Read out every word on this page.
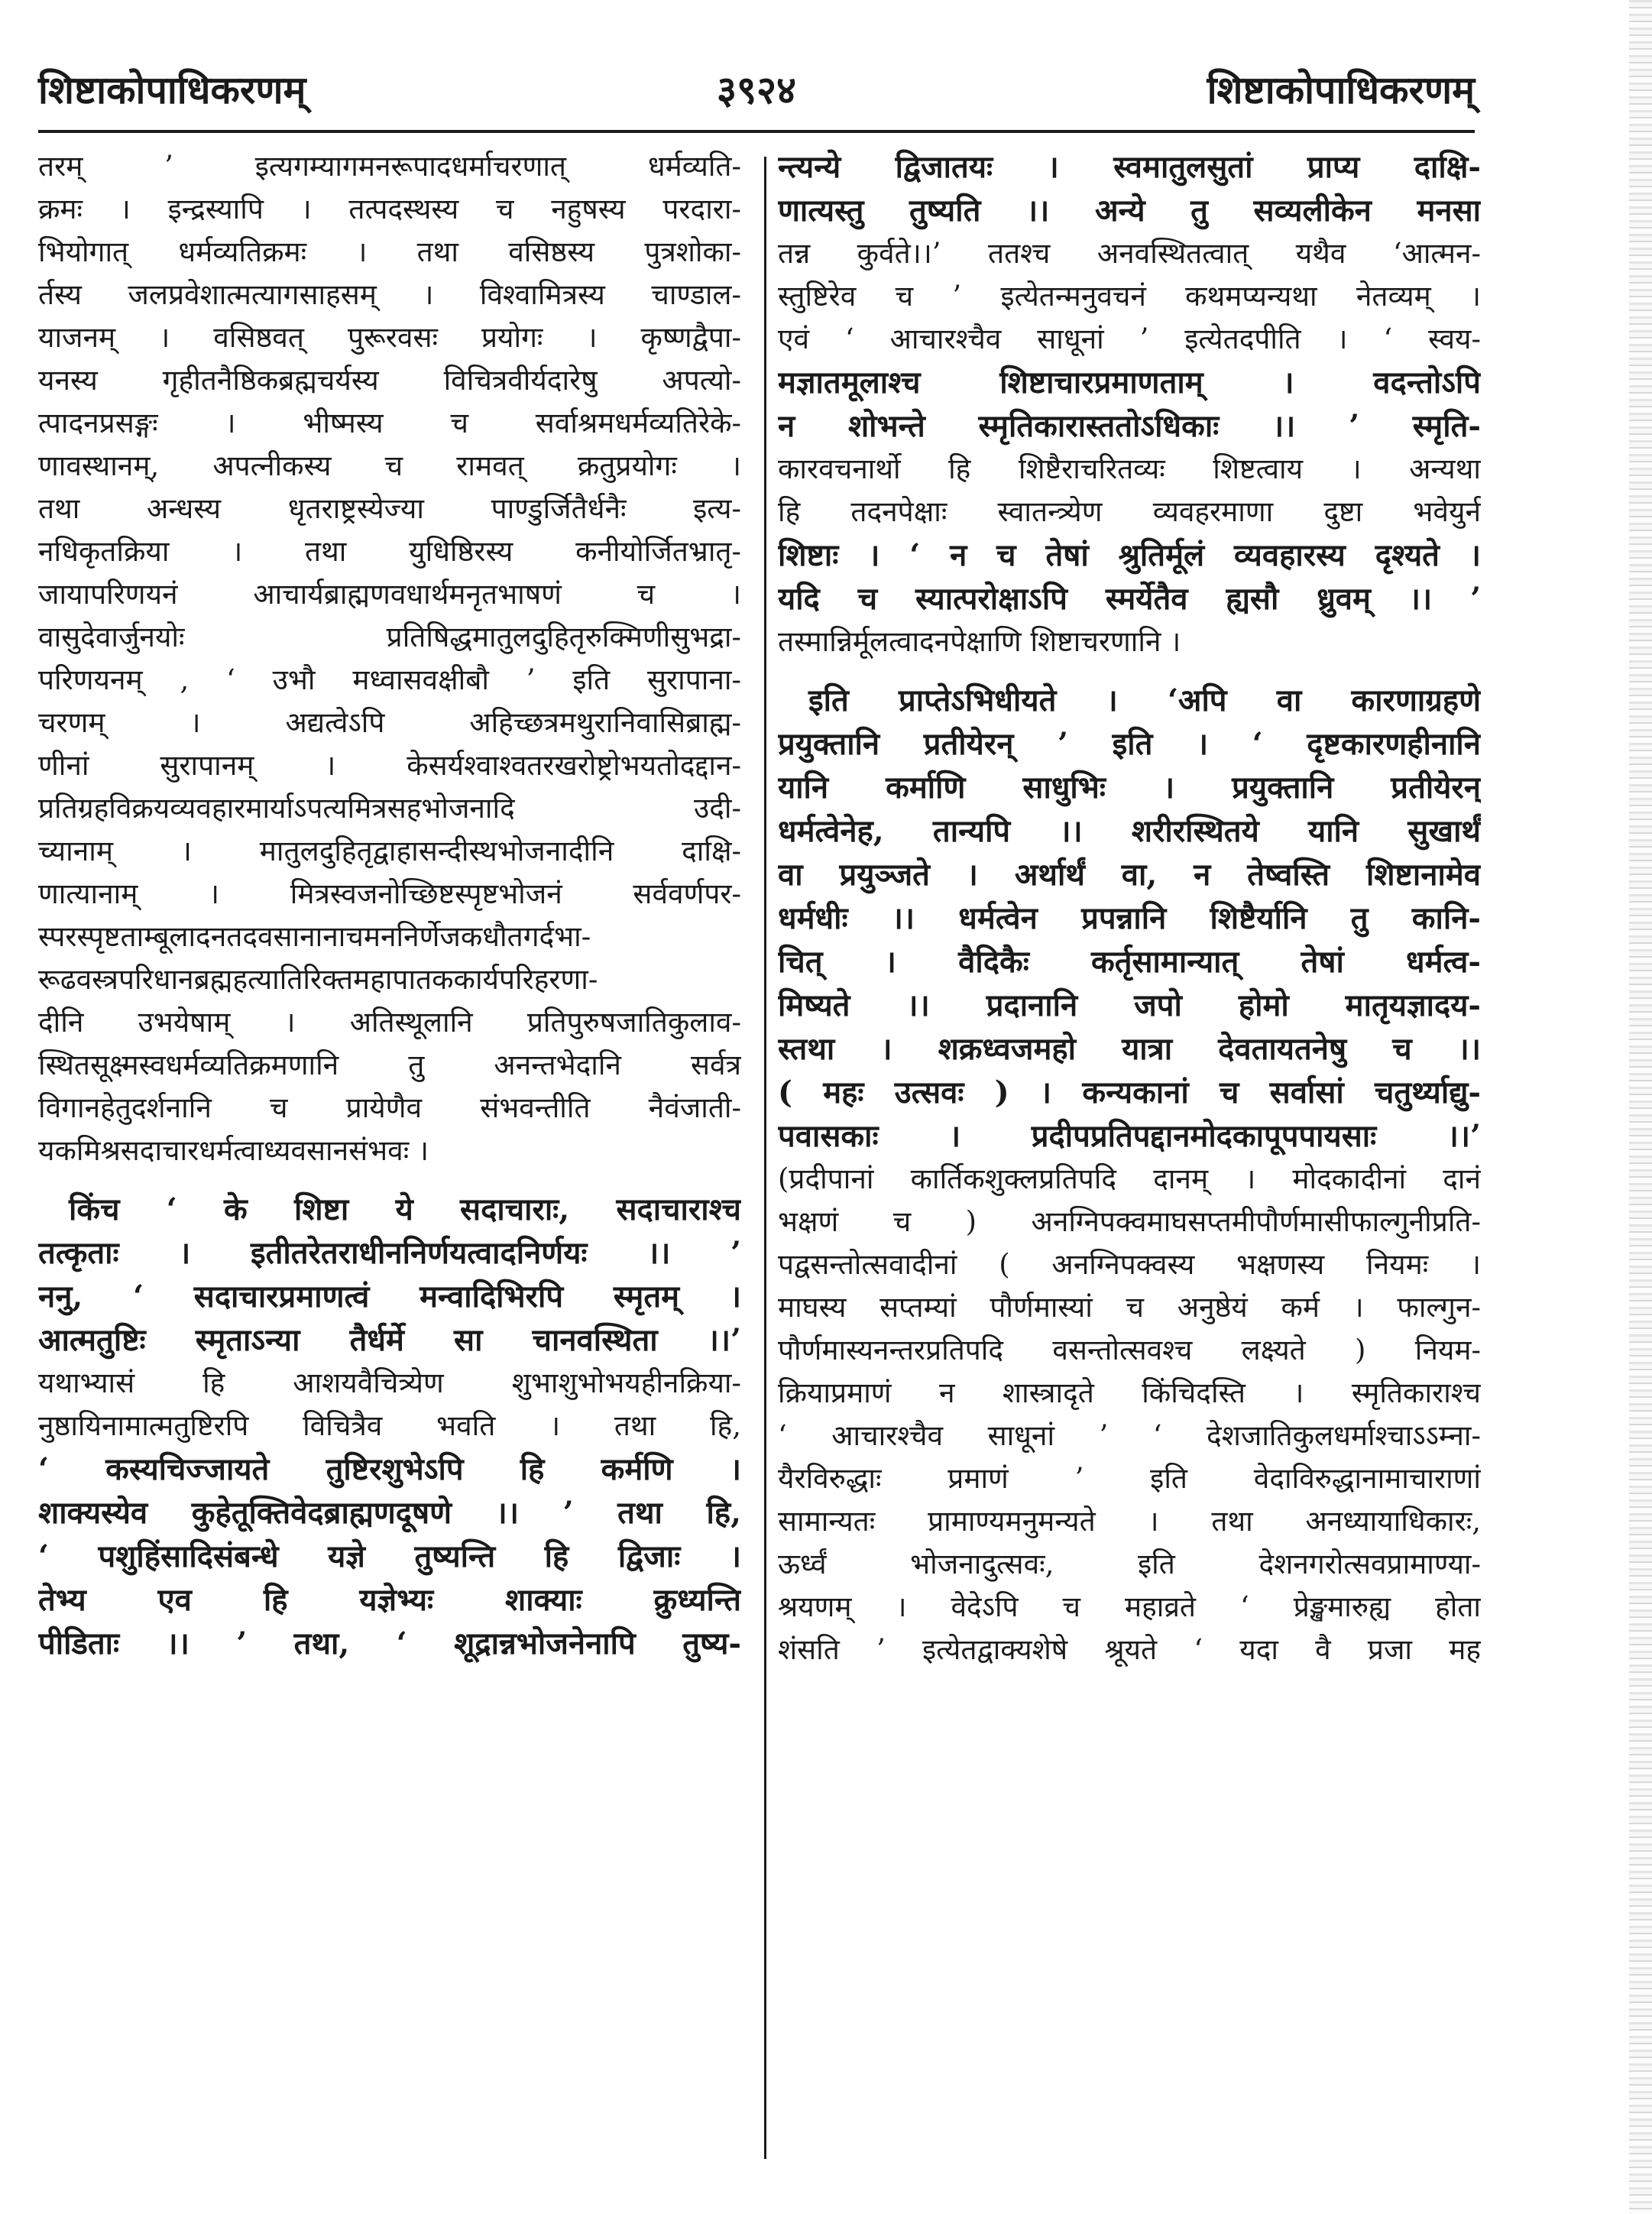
शिष्टाकोपाधिकरणम्	३९२४	शिष्टाकोपाधिकरणम्
तरम् ’ इत्यगम्यागमनरूपादधर्माचरणात् धर्मव्यति-
क्रमः । इन्द्रस्यापि । तत्पदस्थस्य च नहुषस्य परदारा-
भियोगात् धर्मव्यतिक्रमः । तथा वसिष्ठस्य पुत्रशोका-
र्तस्य जलप्रवेशात्मत्यागसाहसम् । विश्वामित्रस्य चाण्डाल-
याजनम् । वसिष्ठवत् पुरूरवसः प्रयोगः । कृष्णद्वैपा-
यनस्य गृहीतनैष्ठिकब्रह्मचर्यस्य विचित्रवीर्यदारेषु अपत्यो-
त्पादनप्रसङ्गः । भीष्मस्य च सर्वाश्रमधर्मव्यतिरेके-
णावस्थानम्, अपत्नीकस्य च रामवत् क्रतुप्रयोगः ।
तथा अन्धस्य धृतराष्ट्रस्येज्या पाण्डुर्जितैर्धनैः इत्य-
नधिकृतक्रिया । तथा युधिष्ठिरस्य कनीयोर्जितभ्रातृ-
जायापरिणयनं आचार्यब्राह्मणवधार्थमनृतभाषणं च ।
वासुदेवार्जुनयोः प्रतिषिद्धमातुलदुहितृरुक्मिणीसुभद्रा-
परिणयनम् , ‘ उभौ मध्वासवक्षीबौ ’ इति सुरापाना-
चरणम् । अद्यत्वेऽपि अहिच्छत्रमथुरानिवासिब्राह्म-
णीनां सुरापानम् । केसर्यश्वाश्वतरखरोष्ट्रोभयतोदद्दान-
प्रतिग्रहविक्रयव्यवहारमार्याऽपत्यमित्रसहभोजनादि उदी-
च्यानाम् । मातुलदुहितृद्वाहासन्दीस्थभोजनादीनि दाक्षि-
णात्यानाम् । मित्रस्वजनोच्छिष्टस्पृष्टभोजनं सर्ववर्णपर-
स्परस्पृष्टताम्बूलादनतदवसानानाचमननिर्णेजकधौतगर्दभा-
रूढवस्त्रपरिधानब्रह्महत्यातिरिक्तमहापातककार्यपरिहरणा-
दीनि उभयेषाम् । अतिस्थूलानि प्रतिपुरुषजातिकुलाव-
स्थितसूक्ष्मस्वधर्मव्यतिक्रमणानि तु अनन्तभेदानि सर्वत्र
विगानहेतुदर्शनानि च प्रायेणैव संभवन्तीति नैवंजाती-
यकमिश्रसदाचारधर्मत्वाध्यवसानसंभवः ।
किंच ‘ के शिष्टा ये सदाचाराः, सदाचाराश्च
तत्कृताः । इतीतरेतराधीननिर्णयत्वादनिर्णयः ।। ’
ननु, ‘ सदाचारप्रमाणत्वं मन्वादिभिरपि स्मृतम् ।
आत्मतुष्टिः स्मृताऽन्या तैर्धर्मे सा चानवस्थिता ।।’
यथाभ्यासं हि आशयवैचित्र्येण शुभाशुभोभयहीनक्रिया-
नुष्ठायिनामात्मतुष्टिरपि विचित्रैव भवति । तथा हि,
‘ कस्यचिज्जायते तुष्टिरशुभेऽपि हि कर्मणि ।
शाक्यस्येव कुहेतूक्तिवेदब्राह्मणदूषणे ।। ’ तथा हि,
‘ पशुहिंसादिसंबन्धे यज्ञे तुष्यन्ति हि द्विजाः ।
तेभ्य एव हि यज्ञेभ्यः शाक्याः क्रुध्यन्ति
पीडिताः ।। ’ तथा, ‘ शूद्रान्नभोजनेनापि तुष्य-
न्त्यन्ये द्विजातयः । स्वमातुलसुतां प्राप्य दाक्षि-
णात्यस्तु तुष्यति ।। अन्ये तु सव्यलीकेन मनसा
तन्न कुर्वते।।’ ततश्च अनवस्थितत्वात् यथैव ‘आत्मन-
स्तुष्टिरेव च ’ इत्येतन्मनुवचनं कथमप्यन्यथा नेतव्यम् ।
एवं ‘ आचारश्चैव साधूनां ’ इत्येतदपीति । ‘ स्वय-
मज्ञातमूलाश्च शिष्टाचारप्रमाणताम् । वदन्तोऽपि
न शोभन्ते स्मृतिकारास्ततोऽधिकाः ।। ’ स्मृति-
कारवचनार्थो हि शिष्टैराचरितव्यः शिष्टत्वाय । अन्यथा
हि तदनपेक्षाः स्वातन्त्र्येण व्यवहरमाणा दुष्टा भवेयुर्न
शिष्टाः । ‘ न च तेषां श्रुतिर्मूलं व्यवहारस्य दृश्यते ।
यदि च स्यात्परोक्षाऽपि स्मर्येतैव ह्यसौ ध्रुवम् ।। ’
तस्मान्निर्मूलत्वादनपेक्षाणि शिष्टाचरणानि ।
इति प्राप्तेऽभिधीयते । ‘अपि वा कारणाग्रहणे
प्रयुक्तानि प्रतीयेरन् ’ इति । ‘ दृष्टकारणहीनानि
यानि कर्माणि साधुभिः । प्रयुक्तानि प्रतीयेरन्
धर्मत्वेनेह, तान्यपि ।। शरीरस्थितये यानि सुखार्थं
वा प्रयुञ्जते । अर्थार्थं वा, न तेष्वस्ति शिष्टानामेव
धर्मधीः ।। धर्मत्वेन प्रपन्नानि शिष्टैर्यानि तु कानि-
चित् । वैदिकैः कर्तृसामान्यात् तेषां धर्मत्व-
मिष्यते ।। प्रदानानि जपो होमो मातृयज्ञादय-
स्तथा । शक्रध्वजमहो यात्रा देवतायतनेषु च ।।
( महः उत्सवः ) । कन्यकानां च सर्वासां चतुर्थ्याद्यु-
पवासकाः । प्रदीपप्रतिपद्दानमोदकापूपपायसाः ।।’
(प्रदीपानां कार्तिकशुक्लप्रतिपदि दानम् । मोदकादीनां दानं
भक्षणं च ) अनग्निपक्वमाघसप्तमीपौर्णमासीफाल्गुनीप्रति-
पद्वसन्तोत्सवादीनां ( अनग्निपक्वस्य भक्षणस्य नियमः ।
माघस्य सप्तम्यां पौर्णमास्यां च अनुष्ठेयं कर्म । फाल्गुन-
पौर्णमास्यनन्तरप्रतिपदि वसन्तोत्सवश्च लक्ष्यते ) नियम-
क्रियाप्रमाणं न शास्त्रादृते किंचिदस्ति । स्मृतिकाराश्च
‘ आचारश्चैव साधूनां ’ ‘ देशजातिकुलधर्माश्चाऽऽम्ना-
यैरविरुद्धाः प्रमाणं ’ इति वेदाविरुद्धानामाचाराणां
सामान्यतः प्रामाण्यमनुमन्यते । तथा अनध्यायाधिकारः,
ऊर्ध्वं भोजनादुत्सवः, इति देशनगरोत्सवप्रामाण्या-
श्रयणम् । वेदेऽपि च महाव्रते ‘ प्रेङ्खमारुह्य होता
शंसति ’ इत्येतद्वाक्यशेषे श्रूयते ‘ यदा वै प्रजा मह
